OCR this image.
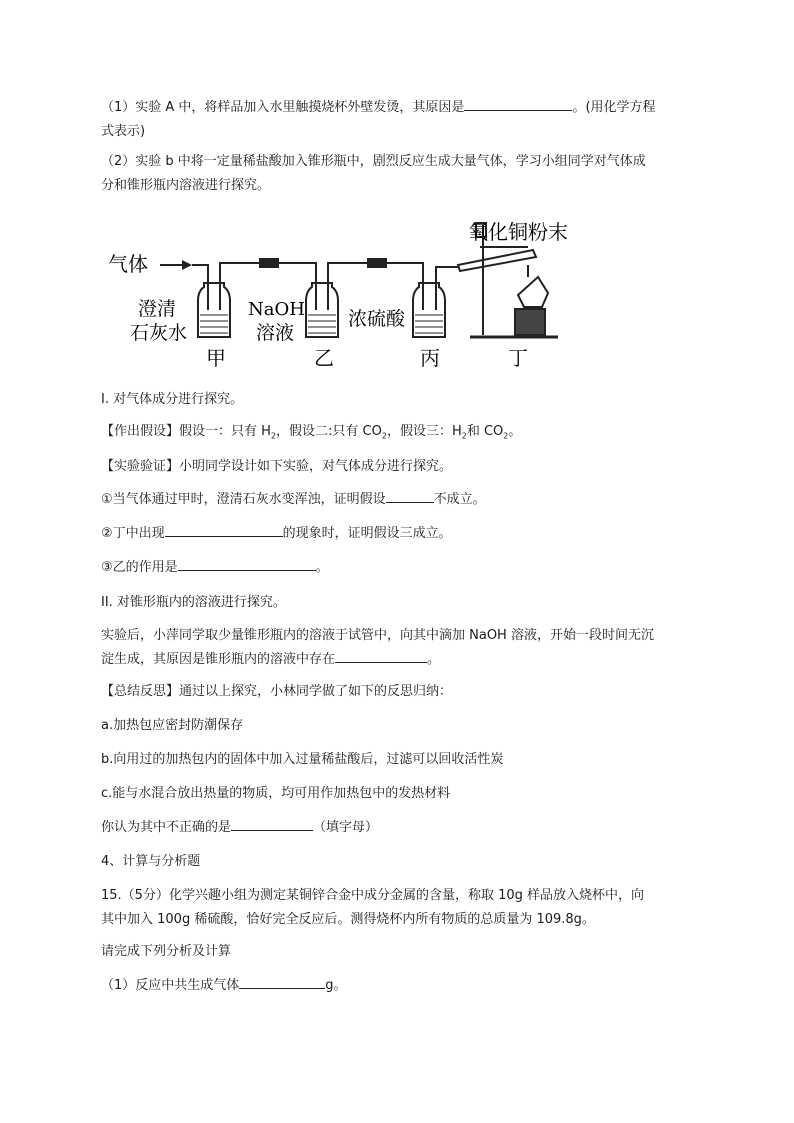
（1）实验 A 中，将样品加入水里触摸烧杯外壁发烫，其原因是	。(用化学方程
式表示)
（2）实验 b 中将一定量稀盐酸加入锥形瓶中，剧烈反应生成大量气体，学习小组同学对气体成
分和锥形瓶内溶液进行探究。
气体
氧化铜粉末
澄清
石灰水
NaOH
溶液
浓硫酸
甲	乙	丙	丁
I. 对气体成分进行探究。
【作出假设】假设一：只有 $H_2$，假设二:只有 $CO_2$，假设三：$H_2$和 $CO_2$。
【实验验证】小明同学设计如下实验，对气体成分进行探究。
①当气体通过甲时，澄清石灰水变浑浊，证明假设	不成立。
②丁中出现	的现象时，证明假设三成立。
③乙的作用是	。
II. 对锥形瓶内的溶液进行探究。
实验后，小萍同学取少量锥形瓶内的溶液于试管中，向其中滴加 NaOH 溶液，开始一段时间无沉
淀生成，其原因是锥形瓶内的溶液中存在	。
【总结反思】通过以上探究，小林同学做了如下的反思归纳：
a.加热包应密封防潮保存
b.向用过的加热包内的固体中加入过量稀盐酸后，过滤可以回收活性炭
c.能与水混合放出热量的物质，均可用作加热包中的发热材料
你认为其中不正确的是	（填字母）
4、计算与分析题
15.（5分）化学兴趣小组为测定某铜锌合金中成分金属的含量，称取 10g 样品放入烧杯中，向
其中加入 100g 稀硫酸，恰好完全反应后。测得烧杯内所有物质的总质量为 109.8g。
请完成下列分析及计算
（1）反应中共生成气体	g。
